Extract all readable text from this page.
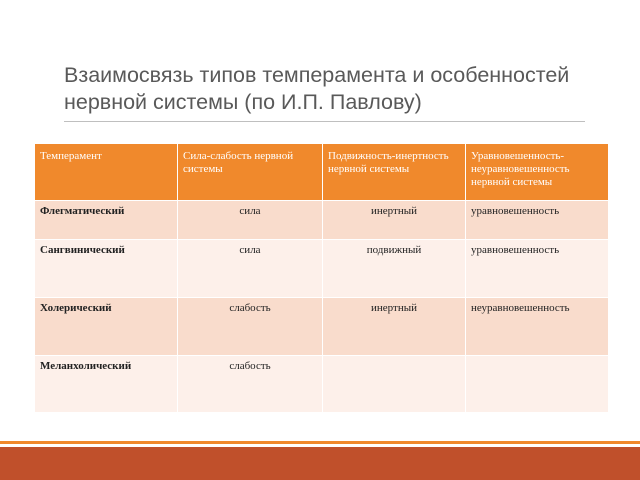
Взаимосвязь типов темперамента и особенностей
нервной системы (по И.П. Павлову)
Темперамент	Сила-слабость нервной системы	Подвижность-инертность нервной системы	Уравновешенность-неуравновешенность нервной системы
Флегматический	сила	инертный	уравновешенность
Сангвинический	сила	подвижный	уравновешенность
Холерический	слабость	инертный	неуравновешенность
Меланхолический	слабость		
